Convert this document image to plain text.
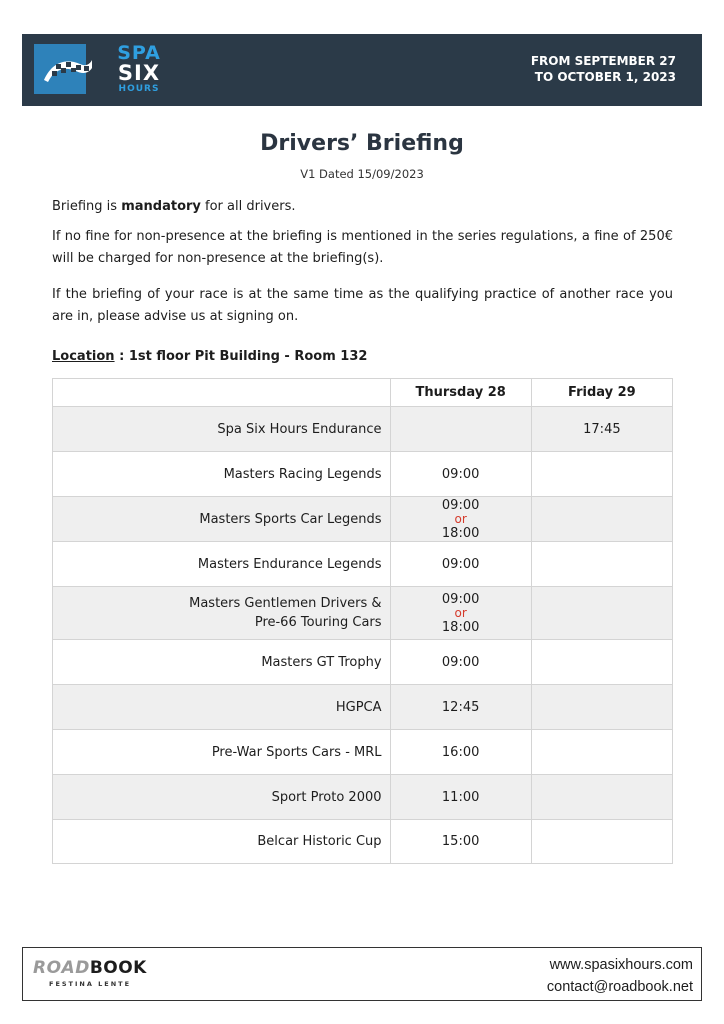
SPA
SIX
HOURS
FROM SEPTEMBER 27
TO OCTOBER 1, 2023
Drivers’ Briefing
V1 Dated 15/09/2023
Briefing is mandatory for all drivers.
If no fine for non-presence at the briefing is mentioned in the series regulations, a fine of 250€ will be charged for non-presence at the briefing(s).
If the briefing of your race is at the same time as the qualifying practice of another race you are in, please advise us at signing on.
Location : 1st floor Pit Building - Room 132
	Thursday 28	Friday 29

Spa Six Hours Endurance		17:45

Masters Racing Legends	09:00	

Masters Sports Car Legends	09:00
or
18:00	

Masters Endurance Legends	09:00	

Masters Gentlemen Drivers &
Pre-66 Touring Cars	09:00
or
18:00	

Masters GT Trophy	09:00	

HGPCA	12:45	

Pre-War Sports Cars - MRL	16:00	

Sport Proto 2000	11:00	

Belcar Historic Cup	15:00	

ROADBOOK
FESTINA LENTE
www.spasixhours.com
contact@roadbook.net
